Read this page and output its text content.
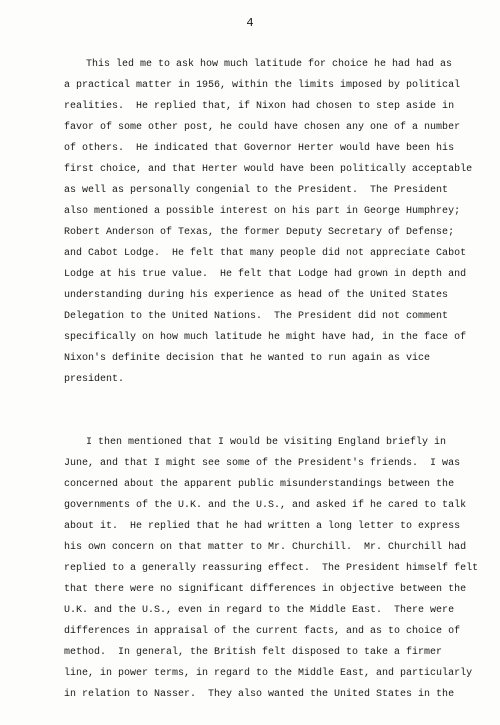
4
This led me to ask how much latitude for choice he had had as
a practical matter in 1956, within the limits imposed by political
realities.  He replied that, if Nixon had chosen to step aside in
favor of some other post, he could have chosen any one of a number
of others.  He indicated that Governor Herter would have been his
first choice, and that Herter would have been politically acceptable
as well as personally congenial to the President.  The President
also mentioned a possible interest on his part in George Humphrey;
Robert Anderson of Texas, the former Deputy Secretary of Defense;
and Cabot Lodge.  He felt that many people did not appreciate Cabot
Lodge at his true value.  He felt that Lodge had grown in depth and
understanding during his experience as head of the United States
Delegation to the United Nations.  The President did not comment
specifically on how much latitude he might have had, in the face of
Nixon's definite decision that he wanted to run again as vice
president.
I then mentioned that I would be visiting England briefly in
June, and that I might see some of the President's friends.  I was
concerned about the apparent public misunderstandings between the
governments of the U.K. and the U.S., and asked if he cared to talk
about it.  He replied that he had written a long letter to express
his own concern on that matter to Mr. Churchill.  Mr. Churchill had
replied to a generally reassuring effect.  The President himself felt
that there were no significant differences in objective between the
U.K. and the U.S., even in regard to the Middle East.  There were
differences in appraisal of the current facts, and as to choice of
method.  In general, the British felt disposed to take a firmer
line, in power terms, in regard to the Middle East, and particularly
in relation to Nasser.  They also wanted the United States in the
